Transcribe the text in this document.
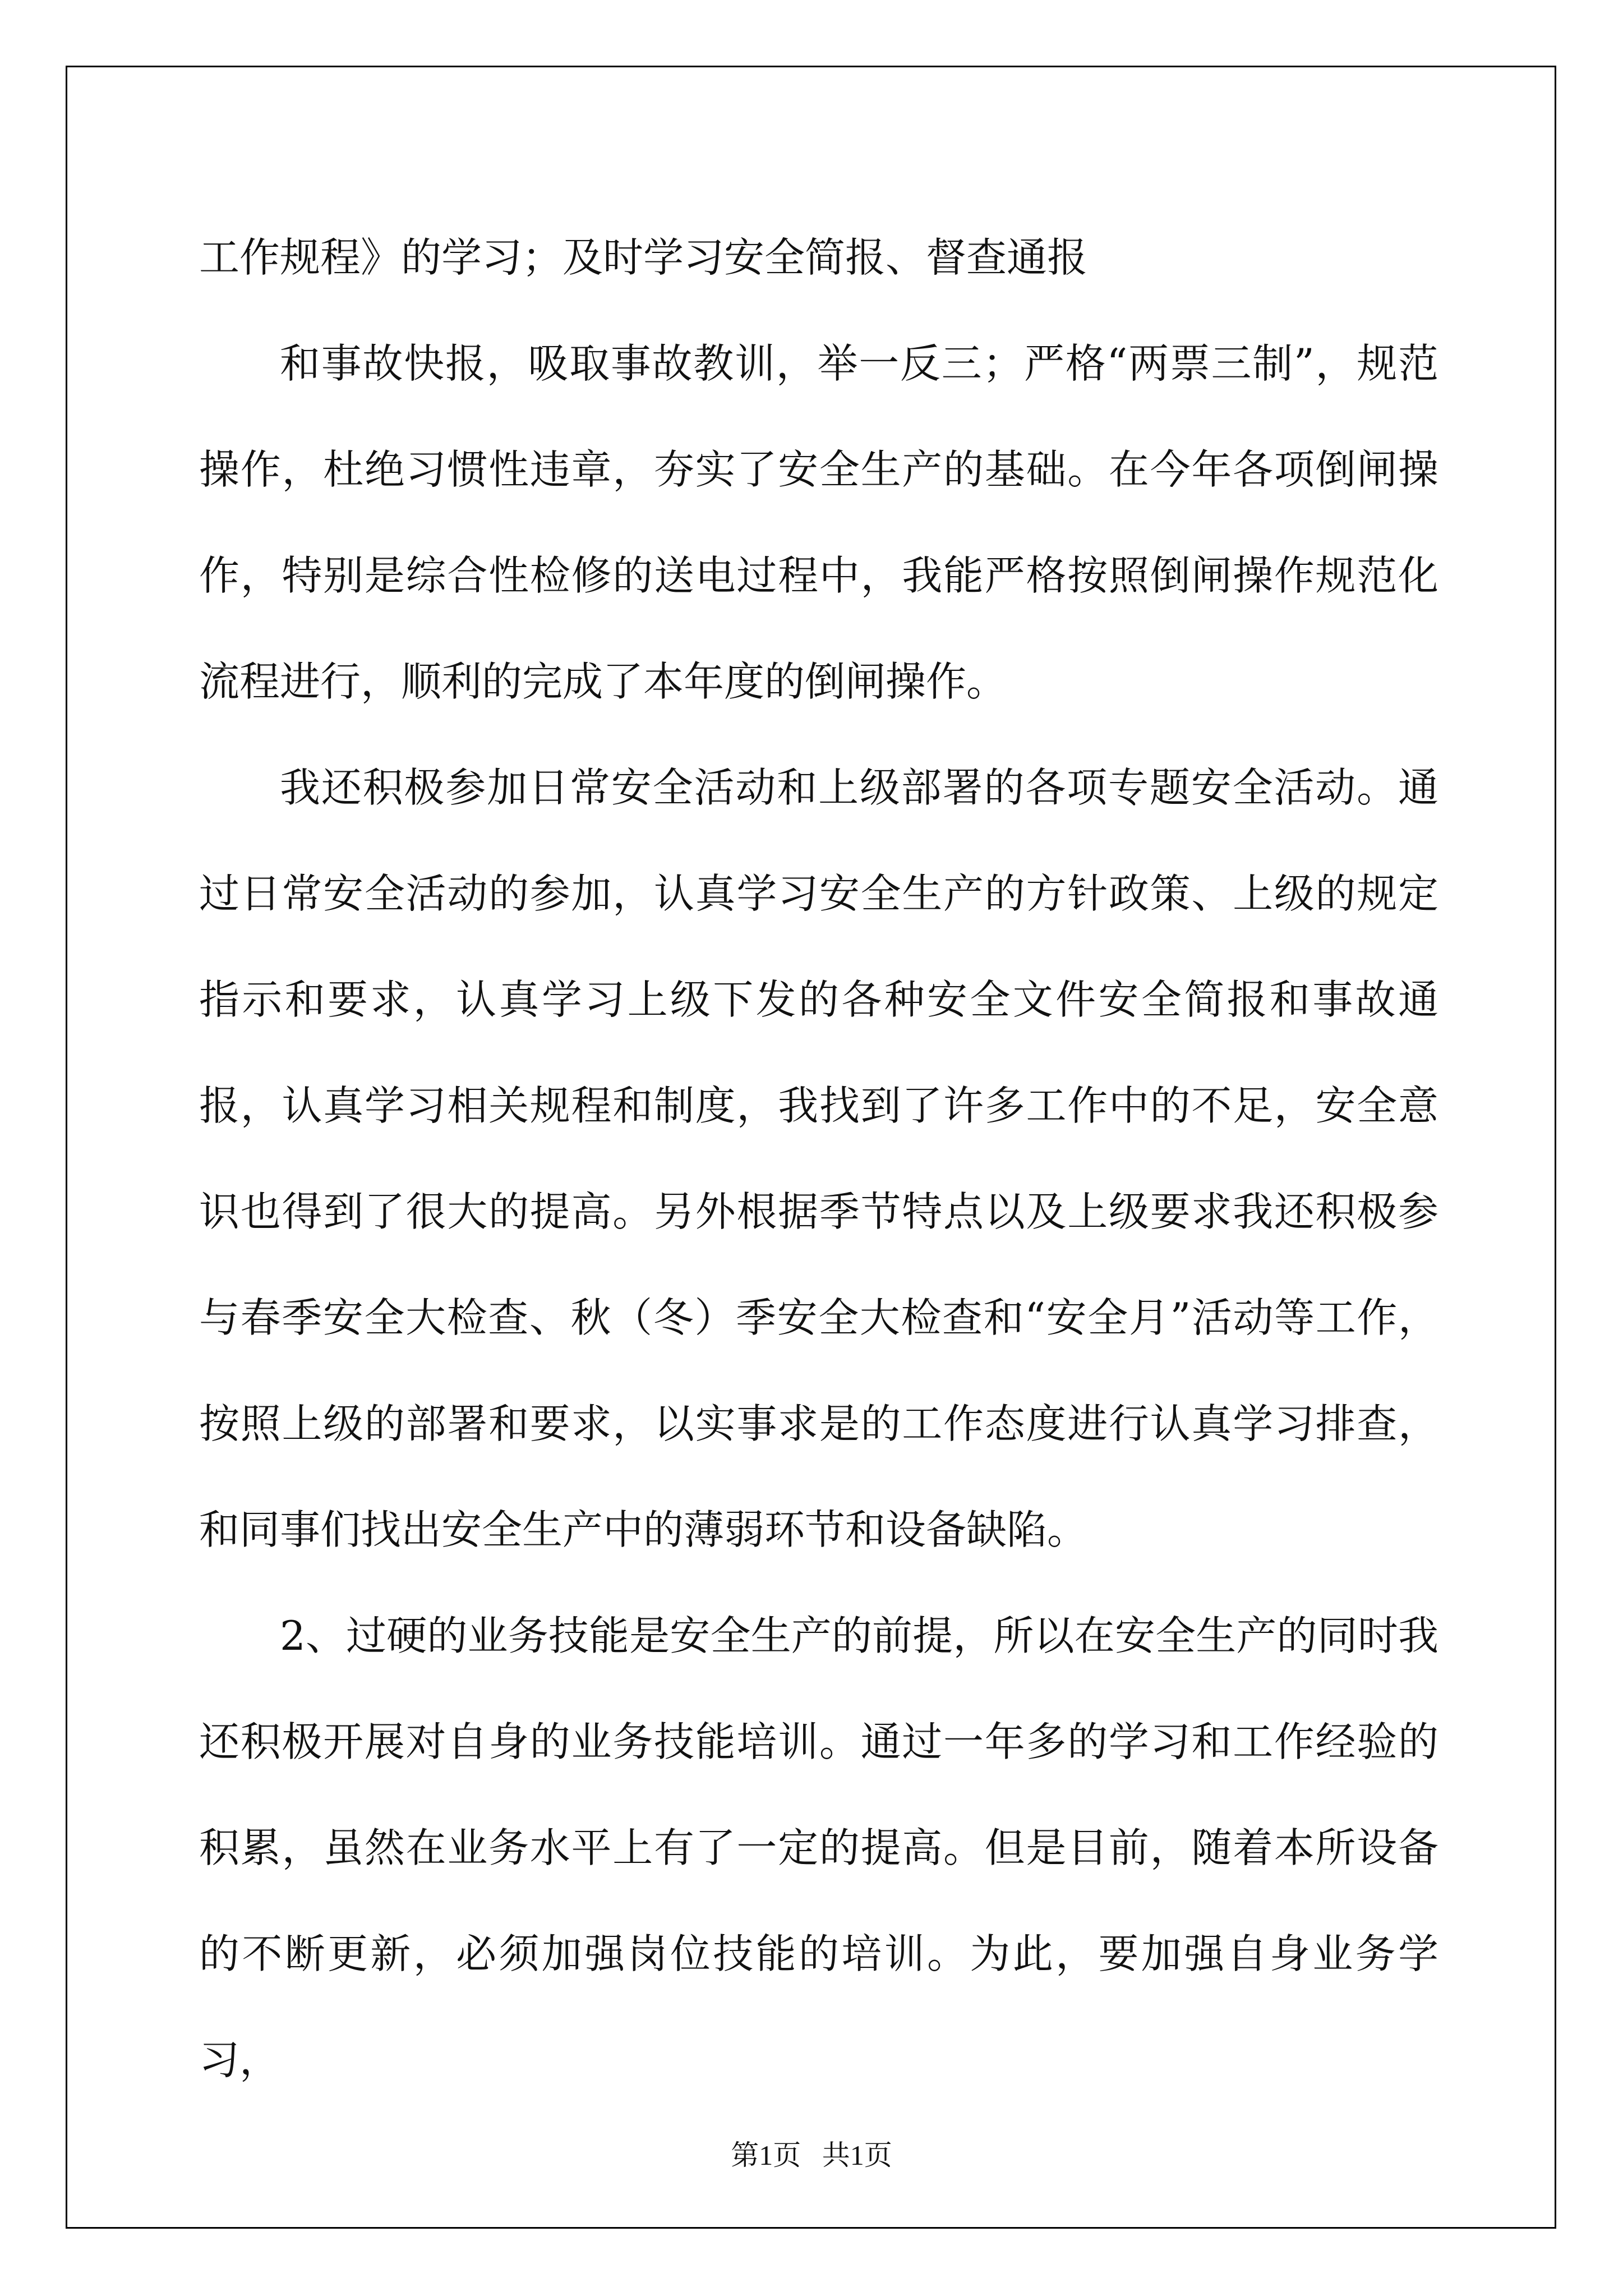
工作规程》的学习；及时学习安全简报、督查通报

和事故快报，吸取事故教训，举一反三；严格“两票三制”，规范操作，杜绝习惯性违章，夯实了安全生产的基础。在今年各项倒闸操作，特别是综合性检修的送电过程中，我能严格按照倒闸操作规范化流程进行，顺利的完成了本年度的倒闸操作。

我还积极参加日常安全活动和上级部署的各项专题安全活动。通过日常安全活动的参加，认真学习安全生产的方针政策、上级的规定指示和要求，认真学习上级下发的各种安全文件安全简报和事故通报，认真学习相关规程和制度，我找到了许多工作中的不足，安全意识也得到了很大的提高。另外根据季节特点以及上级要求我还积极参与春季安全大检查、秋（冬）季安全大检查和“安全月”活动等工作，按照上级的部署和要求，以实事求是的工作态度进行认真学习排查，和同事们找出安全生产中的薄弱环节和设备缺陷。

2、过硬的业务技能是安全生产的前提，所以在安全生产的同时我还积极开展对自身的业务技能培训。通过一年多的学习和工作经验的积累，虽然在业务水平上有了一定的提高。但是目前，随着本所设备的不断更新，必须加强岗位技能的培训。为此，要加强自身业务学习，

第1页   共1页
